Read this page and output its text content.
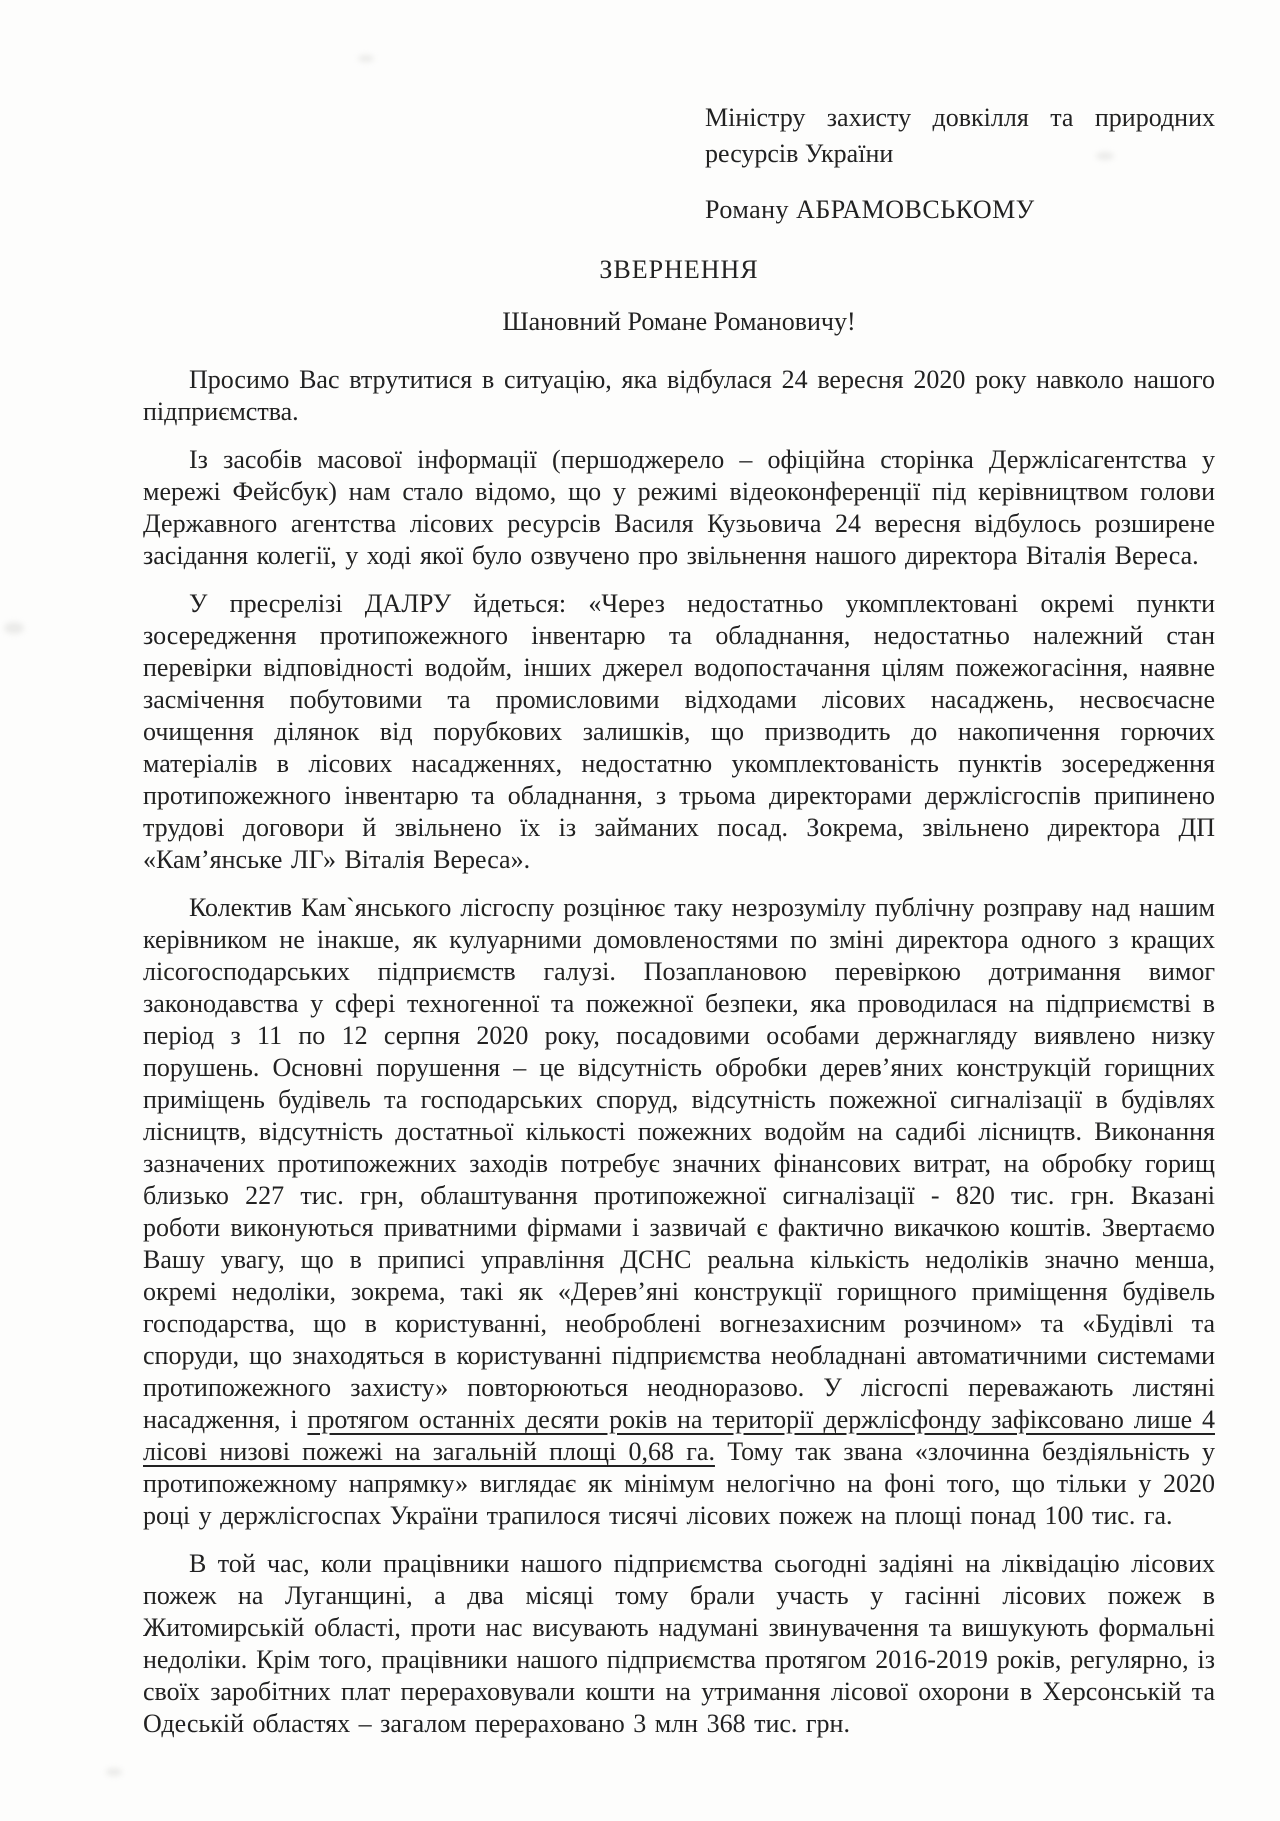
Міністру захисту довкілля та природних
ресурсів України
Роману АБРАМОВСЬКОМУ
ЗВЕРНЕННЯ
Шановний Романе Романовичу!

Просимо Вас втрутитися в ситуацію, яка відбулася 24 вересня 2020 року навколо нашого підприємства.

Із засобів масової інформації (першоджерело – офіційна сторінка Держлісагентства у мережі Фейсбук) нам стало відомо, що у режимі відеоконференції під керівництвом голови Державного агентства лісових ресурсів Василя Кузьовича 24 вересня відбулось розширене засідання колегії, у ході якої було озвучено про звільнення нашого директора Віталія Вереса.

У пресрелізі ДАЛРУ йдеться: «Через недостатньо укомплектовані окремі пункти зосередження протипожежного інвентарю та обладнання, недостатньо належний стан перевірки відповідності водойм, інших джерел водопостачання цілям пожежогасіння, наявне засмічення побутовими та промисловими відходами лісових насаджень, несвоєчасне очищення ділянок від порубкових залишків, що призводить до накопичення горючих матеріалів в лісових насадженнях, недостатню укомплектованість пунктів зосередження протипожежного інвентарю та обладнання, з трьома директорами держлісгоспів припинено трудові договори й звільнено їх із займаних посад. Зокрема, звільнено директора ДП «Кам’янське ЛГ» Віталія Вереса».

Колектив Кам`янського лісгоспу розцінює таку незрозумілу публічну розправу над нашим керівником не інакше, як кулуарними домовленостями по зміні директора одного з кращих лісогосподарських підприємств галузі. Позаплановою перевіркою дотримання вимог законодавства у сфері техногенної та пожежної безпеки, яка проводилася на підприємстві в період з 11 по 12 серпня 2020 року, посадовими особами держнагляду виявлено низку порушень. Основні порушення – це відсутність обробки дерев’яних конструкцій горищних приміщень будівель та господарських споруд, відсутність пожежної сигналізації в будівлях лісництв, відсутність достатньої кількості пожежних водойм на садибі лісництв. Виконання зазначених протипожежних заходів потребує значних фінансових витрат, на обробку горищ близько 227 тис. грн, облаштування протипожежної сигналізації - 820 тис. грн. Вказані роботи виконуються приватними фірмами і зазвичай є фактично викачкою коштів. Звертаємо Вашу увагу, що в приписі управління ДСНС реальна кількість недоліків значно менша, окремі недоліки, зокрема, такі як «Дерев’яні конструкції горищного приміщення будівель господарства, що в користуванні, необроблені вогнезахисним розчином» та «Будівлі та споруди, що знаходяться в користуванні підприємства необладнані автоматичними системами протипожежного захисту» повторюються неодноразово. У лісгоспі переважають листяні насадження, і протягом останніх десяти років на території держлісфонду зафіксовано лише 4 лісові низові пожежі на загальній площі 0,68 га. Тому так звана «злочинна бездіяльність у протипожежному напрямку» виглядає як мінімум нелогічно на фоні того, що тільки у 2020 році у держлісгоспах України трапилося тисячі лісових пожеж на площі понад 100 тис. га.

В той час, коли працівники нашого підприємства сьогодні задіяні на ліквідацію лісових пожеж на Луганщині, а два місяці тому брали участь у гасінні лісових пожеж в Житомирській області, проти нас висувають надумані звинувачення та вишукують формальні недоліки. Крім того, працівники нашого підприємства протягом 2016-2019 років, регулярно, із своїх заробітних плат перераховували кошти на утримання лісової охорони в Херсонській та Одеській областях – загалом перераховано 3 млн 368 тис. грн.
